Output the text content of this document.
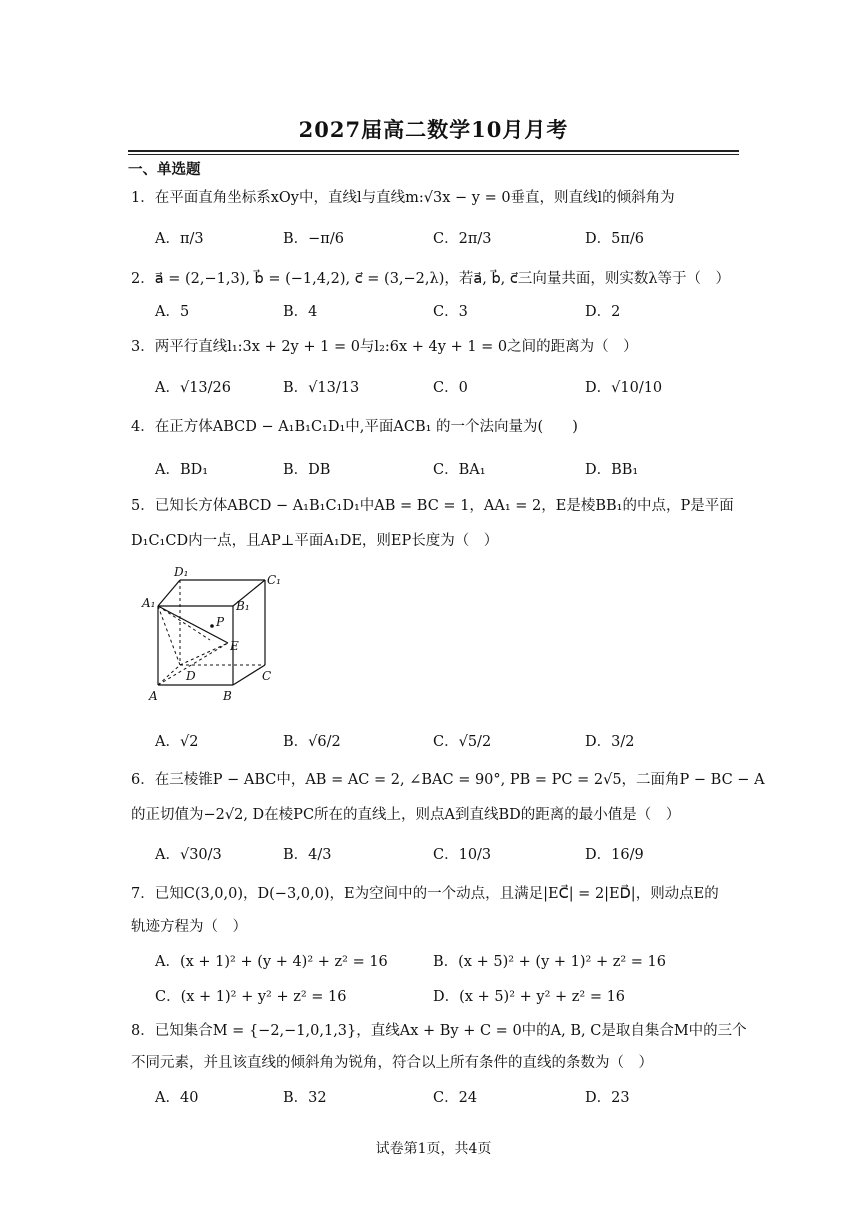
2027届高二数学10月月考
一、单选题
1．在平面直角坐标系xOy中，直线l与直线m:√3x − y = 0垂直，则直线l的倾斜角为
A．π/3	B．−π/6	C．2π/3	D．5π/6
2．a⃗ = (2,−1,3), b⃗ = (−1,4,2), c⃗ = (3,−2,λ)，若a⃗, b⃗, c⃗三向量共面，则实数λ等于（　）
A．5	B．4	C．3	D．2
3．两平行直线l₁:3x + 2y + 1 = 0与l₂:6x + 4y + 1 = 0之间的距离为（　）
A．√13/26	B．√13/13	C．0	D．√10/10
4．在正方体ABCD − A₁B₁C₁D₁中,平面ACB₁ 的一个法向量为(　　)
A．BD₁	B．DB	C．BA₁	D．BB₁
5．已知长方体ABCD − A₁B₁C₁D₁中AB = BC = 1，AA₁ = 2，E是棱BB₁的中点，P是平面
D₁C₁CD内一点，且AP⊥平面A₁DE，则EP长度为（　）
D₁
C₁
A₁	B₁
P
E
D	C
A	B
A．√2	B．√6/2	C．√5/2	D．3/2
6．在三棱锥P − ABC中，AB = AC = 2, ∠BAC = 90°, PB = PC = 2√5，二面角P − BC − A
的正切值为−2√2, D在棱PC所在的直线上，则点A到直线BD的距离的最小值是（　）
A．√30/3	B．4/3	C．10/3	D．16/9
7．已知C(3,0,0)，D(−3,0,0)，E为空间中的一个动点，且满足|EC⃗| = 2|ED⃗|，则动点E的
轨迹方程为（　）
A．(x + 1)² + (y + 4)² + z² = 16	B．(x + 5)² + (y + 1)² + z² = 16
C．(x + 1)² + y² + z² = 16	D．(x + 5)² + y² + z² = 16
8．已知集合M = {−2,−1,0,1,3}，直线Ax + By + C = 0中的A, B, C是取自集合M中的三个
不同元素，并且该直线的倾斜角为锐角，符合以上所有条件的直线的条数为（　）
A．40	B．32	C．24	D．23
试卷第1页，共4页
